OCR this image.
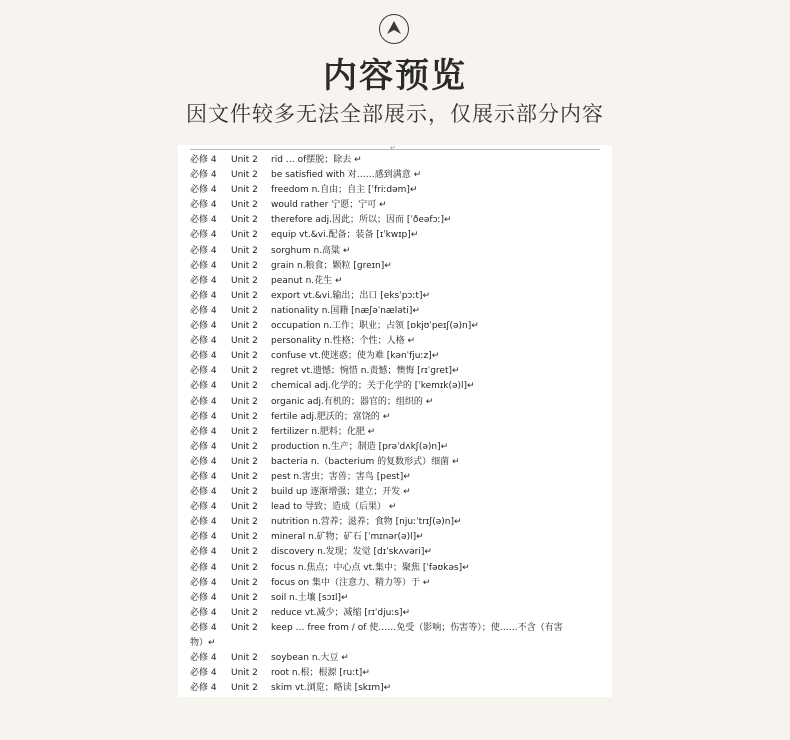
内容预览
因文件较多无法全部展示，仅展示部分内容
↵
必修 4 Unit 2 rid … of摆脱；除去 ↵
必修 4 Unit 2 be satisfied with 对……感到满意 ↵
必修 4 Unit 2 freedom n.自由；自主 [ˈfriːdəm]↵
必修 4 Unit 2 would rather 宁愿；宁可 ↵
必修 4 Unit 2 therefore adj.因此；所以；因而 [ˈðeəfɔː]↵
必修 4 Unit 2 equip vt.&vi.配备；装备 [ɪˈkwɪp]↵
必修 4 Unit 2 sorghum n.高粱 ↵
必修 4 Unit 2 grain n.粮食；颗粒 [ɡreɪn]↵
必修 4 Unit 2 peanut n.花生 ↵
必修 4 Unit 2 export vt.&vi.输出；出口 [eksˈpɔːt]↵
必修 4 Unit 2 nationality n.国籍 [næʃəˈnæləti]↵
必修 4 Unit 2 occupation n.工作；职业；占领 [ɒkjʊˈpeɪʃ(ə)n]↵
必修 4 Unit 2 personality n.性格；个性；人格 ↵
必修 4 Unit 2 confuse vt.使迷惑；使为难 [kənˈfjuːz]↵
必修 4 Unit 2 regret vt.遗憾；惋惜 n.责憾；懊悔 [rɪˈɡret]↵
必修 4 Unit 2 chemical adj.化学的；关于化学的 [ˈkemɪk(ə)l]↵
必修 4 Unit 2 organic adj.有机的；器官的；组织的 ↵
必修 4 Unit 2 fertile adj.肥沃的；富饶的 ↵
必修 4 Unit 2 fertilizer n.肥料；化肥 ↵
必修 4 Unit 2 production n.生产；制造 [prəˈdʌkʃ(ə)n]↵
必修 4 Unit 2 bacteria n.（bacterium 的复数形式）细菌 ↵
必修 4 Unit 2 pest n.害虫；害兽；害鸟 [pest]↵
必修 4 Unit 2 build up 逐渐增强；建立；开发 ↵
必修 4 Unit 2 lead to 导致；造成（后果） ↵
必修 4 Unit 2 nutrition n.营养；滋养；食物 [njuːˈtrɪʃ(ə)n]↵
必修 4 Unit 2 mineral n.矿物；矿石 [ˈmɪnər(ə)l]↵
必修 4 Unit 2 discovery n.发现；发觉 [dɪˈskʌvəri]↵
必修 4 Unit 2 focus n.焦点；中心点 vt.集中；聚焦 [ˈfəʊkəs]↵
必修 4 Unit 2 focus on 集中（注意力、精力等）于 ↵
必修 4 Unit 2 soil n.土壤 [sɔɪl]↵
必修 4 Unit 2 reduce vt.减少；减缩 [rɪˈdjuːs]↵
必修 4 Unit 2 keep … free from / of 使……免受（影响；伤害等）；使……不含（有害
物）↵
必修 4 Unit 2 soybean n.大豆 ↵
必修 4 Unit 2 root n.根；根源 [ruːt]↵
必修 4 Unit 2 skim vt.浏览；略读 [skɪm]↵
